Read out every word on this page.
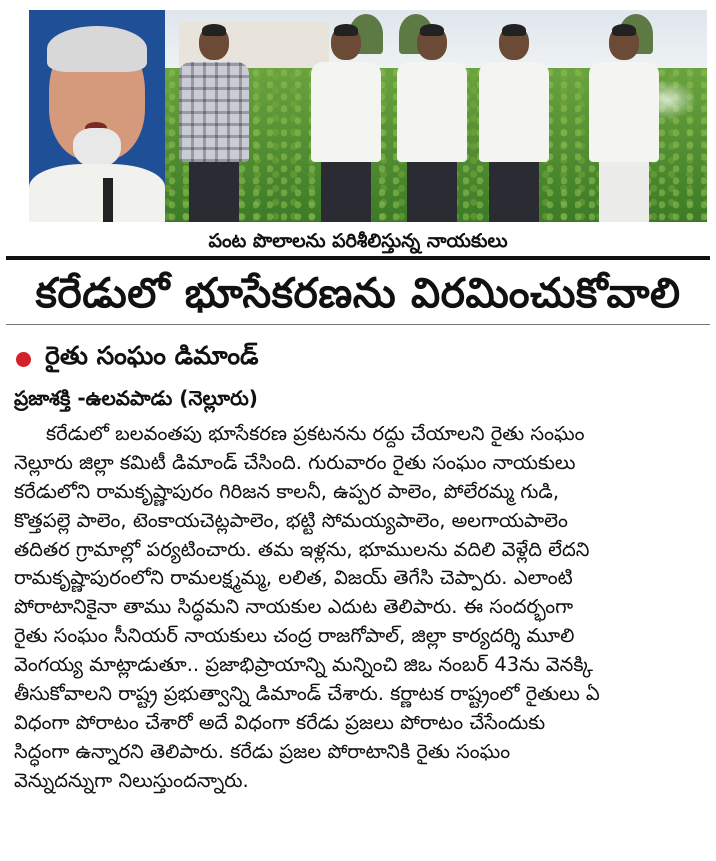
పంట పొలాలను పరిశీలిస్తున్న నాయకులు
కరేడులో భూసేకరణను విరమించుకోవాలి
రైతు సంఘం డిమాండ్
ప్రజాశక్తి -ఉలవపాడు (నెల్లూరు)
కరేడులో బలవంతపు భూసేకరణ ప్రకటనను రద్దు చేయాలని రైతు సంఘం
నెల్లూరు జిల్లా కమిటీ డిమాండ్ చేసింది. గురువారం రైతు సంఘం నాయకులు
కరేడులోని రామకృష్ణాపురం గిరిజన కాలనీ, ఉప్పర పాలెం, పోలేరమ్మ గుడి,
కొత్తపల్లె పాలెం, టెంకాయచెట్లపాలెం, భట్టి సోమయ్యపాలెం, అలగాయపాలెం
తదితర గ్రామాల్లో పర్యటించారు. తమ ఇళ్లను, భూములను వదిలి వెళ్లేది లేదని
రామకృష్ణాపురంలోని రామలక్ష్మమ్మ, లలిత, విజయ్ తెగేసి చెప్పారు. ఎలాంటి
పోరాటానికైనా తాము సిద్ధమని నాయకుల ఎదుట తెలిపారు. ఈ సందర్భంగా
రైతు సంఘం సీనియర్ నాయకులు చంద్ర రాజగోపాల్, జిల్లా కార్యదర్శి మూలి
వెంగయ్య మాట్లాడుతూ.. ప్రజాభిప్రాయాన్ని మన్నించి జిఒ నంబర్ 43ను వెనక్కి
తీసుకోవాలని రాష్ట్ర ప్రభుత్వాన్ని డిమాండ్ చేశారు. కర్ణాటక రాష్ట్రంలో రైతులు ఏ
విధంగా పోరాటం చేశారో అదే విధంగా కరేడు ప్రజలు పోరాటం చేసేందుకు
సిద్ధంగా ఉన్నారని తెలిపారు. కరేడు ప్రజల పోరాటానికి రైతు సంఘం
వెన్నుదన్నుగా నిలుస్తుందన్నారు.
